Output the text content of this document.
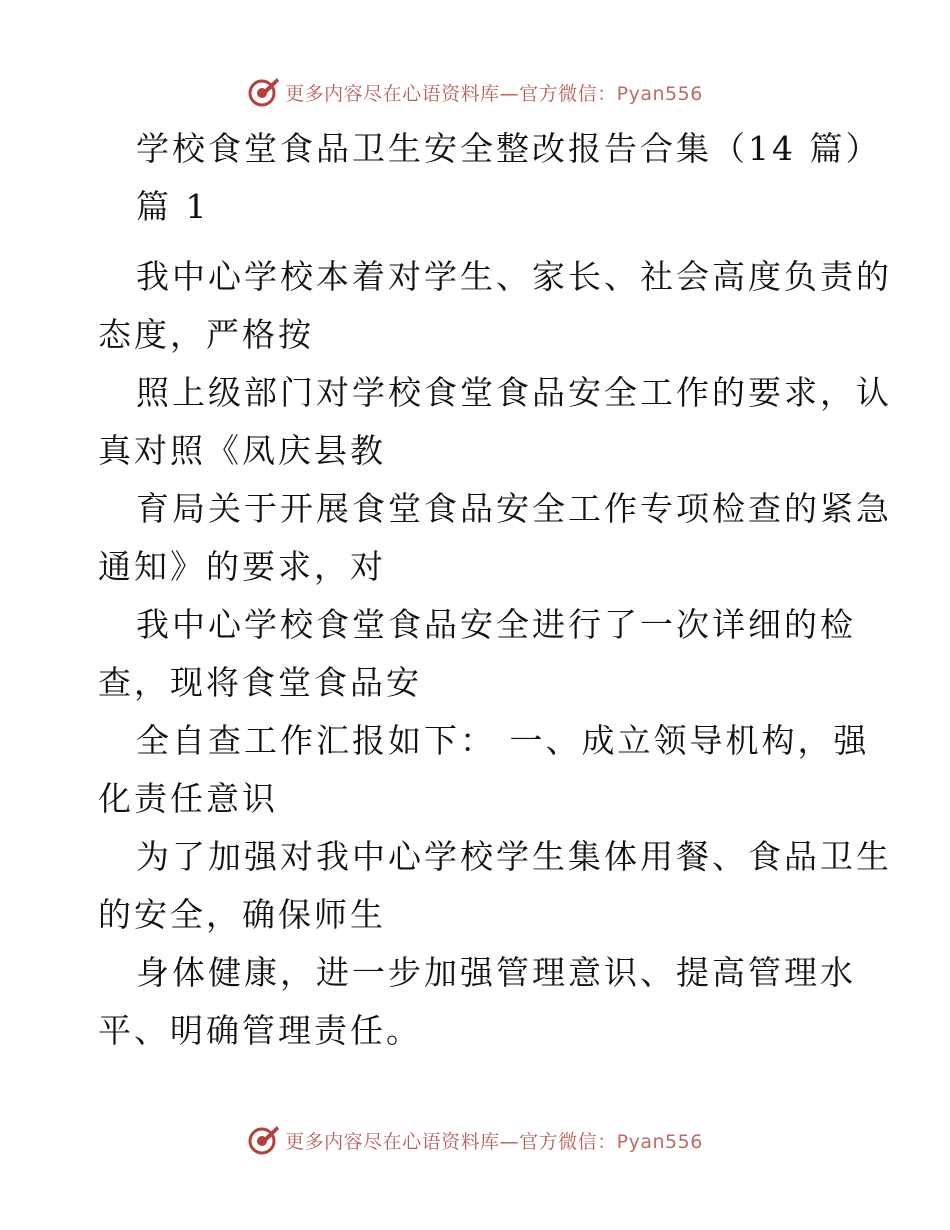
更多内容尽在心语资料库—官方微信：Pyan556
学校食堂食品卫生安全整改报告合集（14 篇）
篇 1
我中心学校本着对学生、家长、社会高度负责的
态度，严格按
照上级部门对学校食堂食品安全工作的要求，认
真对照《凤庆县教
育局关于开展食堂食品安全工作专项检查的紧急
通知》的要求，对
我中心学校食堂食品安全进行了一次详细的检
查，现将食堂食品安
全自查工作汇报如下： 一、成立领导机构，强
化责任意识
为了加强对我中心学校学生集体用餐、食品卫生
的安全，确保师生
身体健康，进一步加强管理意识、提高管理水
平、明确管理责任。
更多内容尽在心语资料库—官方微信：Pyan556
